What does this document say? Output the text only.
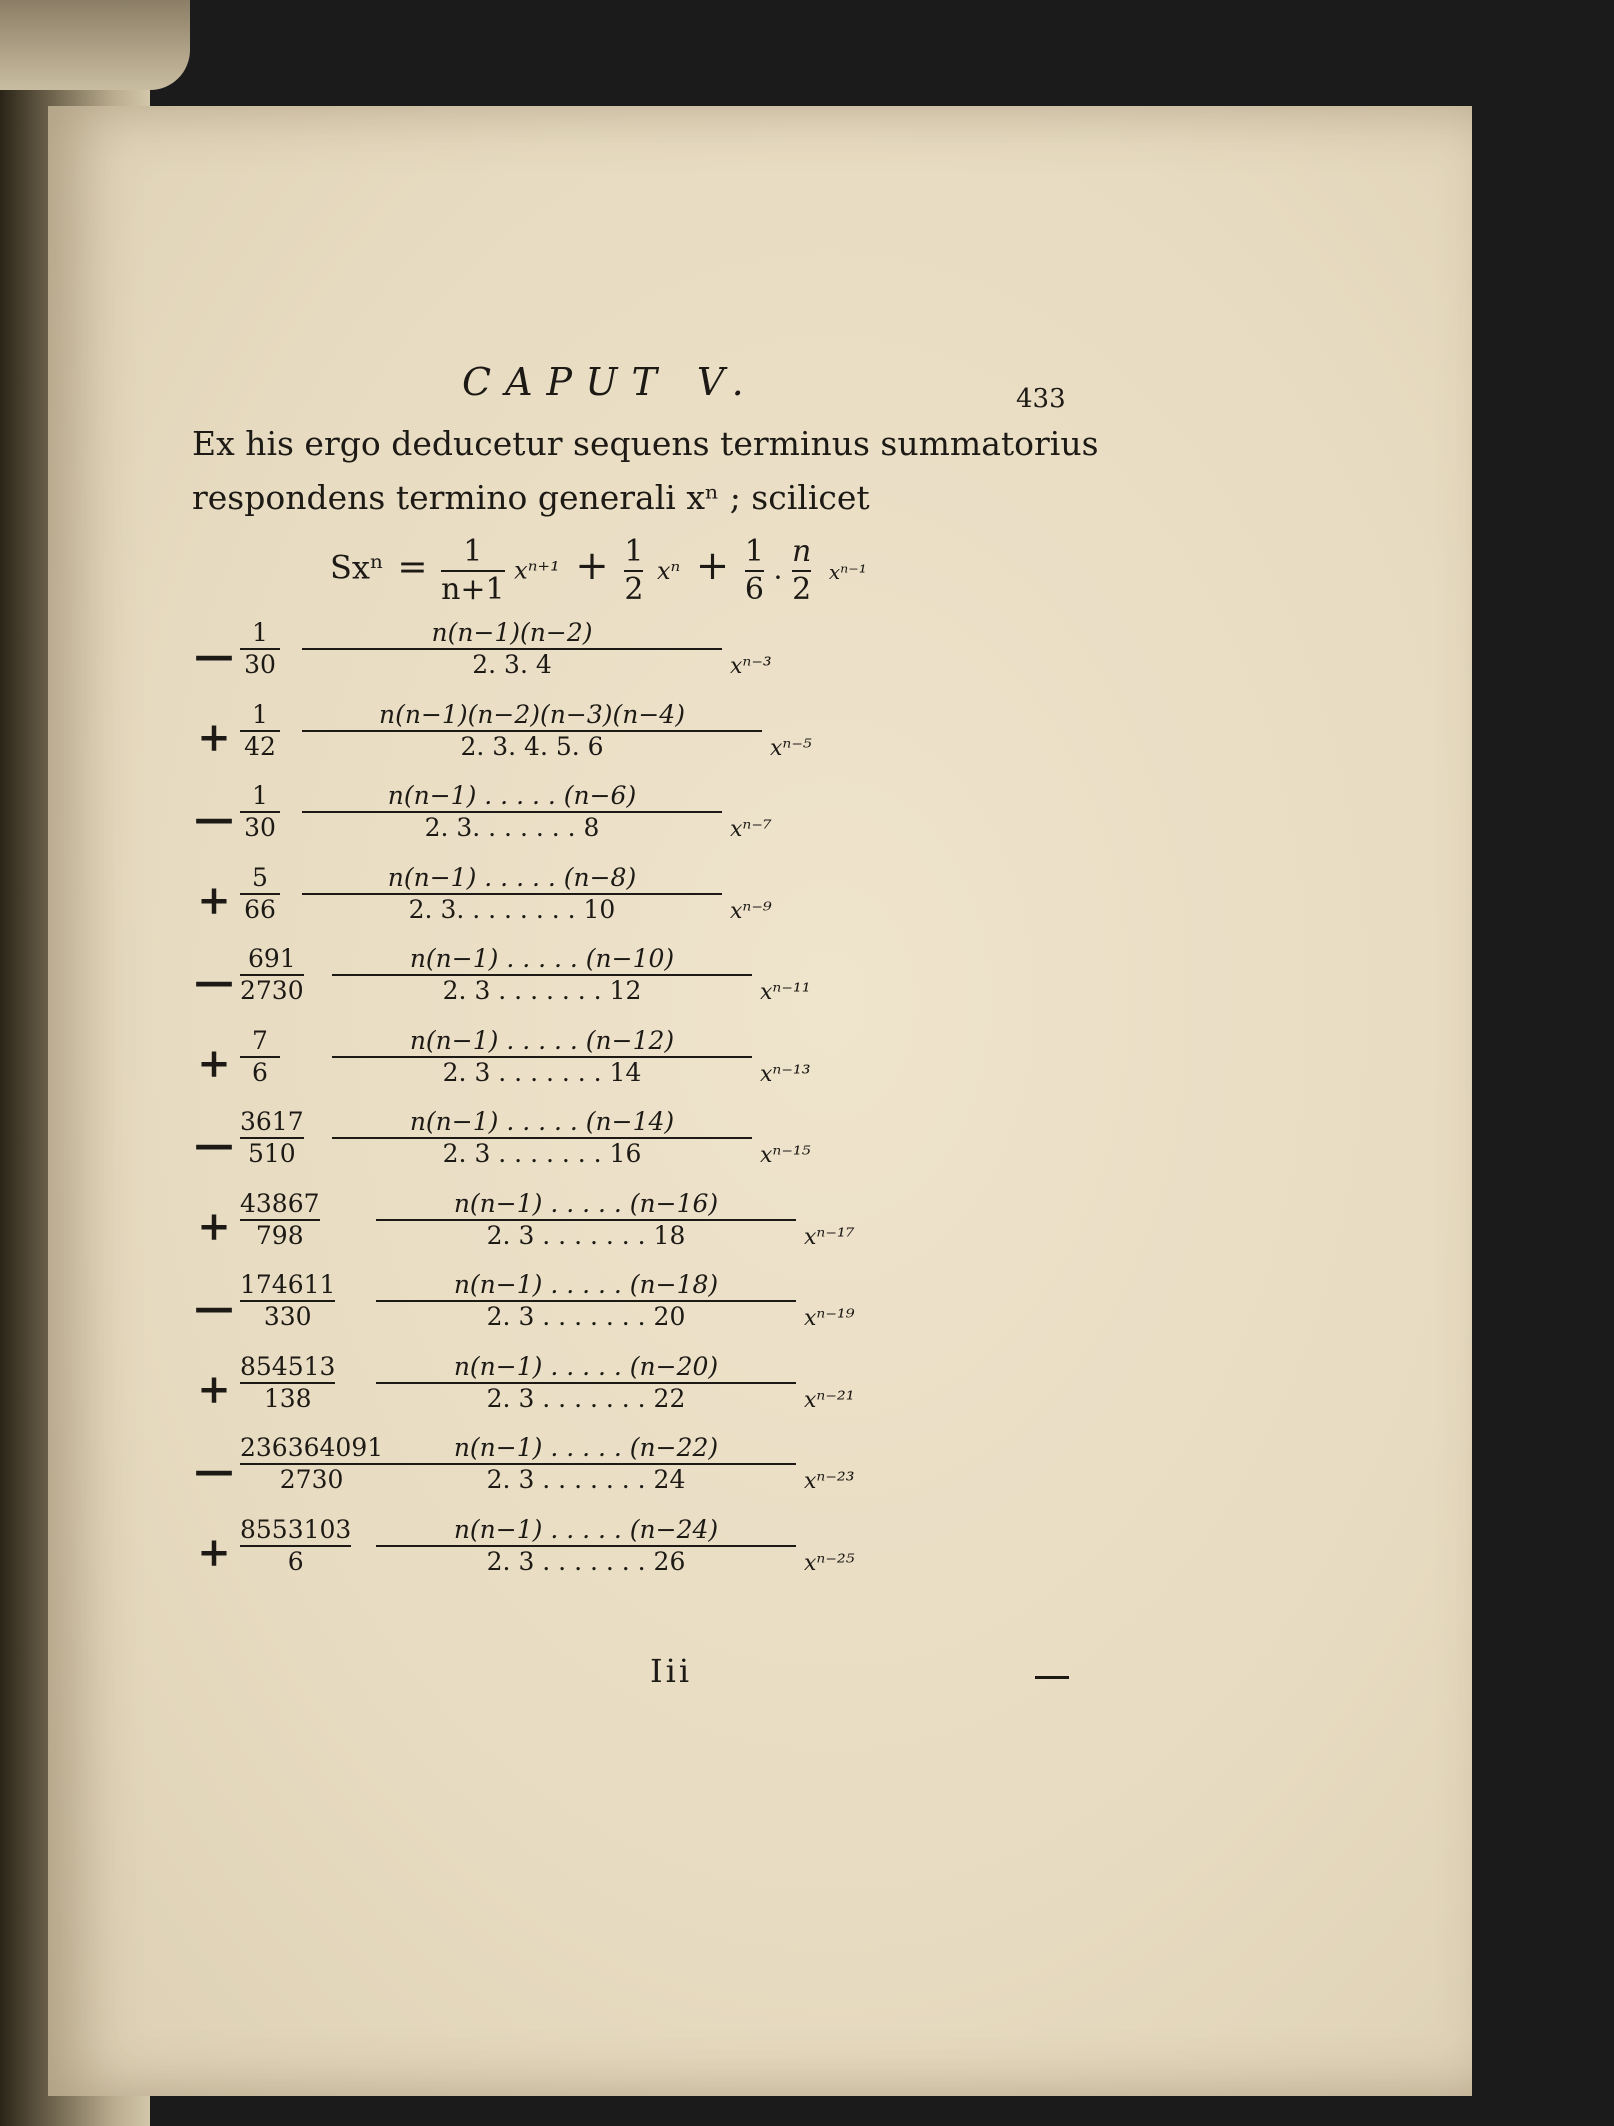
CAPUT V.	433
Ex his ergo deducetur sequens terminus summatorius
respondens termino generali xⁿ ; scilicet
$Sx^n = \frac{1}{n+1} x^{n+1} + \frac{1}{2}$ $x^n + \frac{1}{6}$ . $\frac{n}{2} x^{n-1}$
— 1
30
n(n−1)(n−2)
2. 3. 4	xⁿ⁻³
+ 1
42
n(n−1)(n−2)(n−3)(n−4)
2. 3. 4. 5. 6	xⁿ⁻⁵
— 1
30
n(n−1) . . . . . (n−6)
2. 3. . . . . . . 8	xⁿ⁻⁷
+ 5
66
n(n−1) . . . . . (n−8)
2. 3. . . . . . . . 10	xⁿ⁻⁹
— 691
2730
n(n−1) . . . . . (n−10)
2. 3 . . . . . . . 12	xⁿ⁻¹¹
+ 7
6
n(n−1) . . . . . (n−12)
2. 3 . . . . . . . 14	xⁿ⁻¹³
— 3617
510
n(n−1) . . . . . (n−14)
2. 3 . . . . . . . 16	xⁿ⁻¹⁵
+ 43867
798
n(n−1) . . . . . (n−16)
2. 3 . . . . . . . 18	xⁿ⁻¹⁷
— 174611
330
n(n−1) . . . . . (n−18)
2. 3 . . . . . . . 20	xⁿ⁻¹⁹
+ 854513
138
n(n−1) . . . . . (n−20)
2. 3 . . . . . . . 22	xⁿ⁻²¹
— 236364091
2730
n(n−1) . . . . . (n−22)
2. 3 . . . . . . . 24	xⁿ⁻²³
+ 8553103
6
n(n−1) . . . . . (n−24)
2. 3 . . . . . . . 26	xⁿ⁻²⁵
Iii
